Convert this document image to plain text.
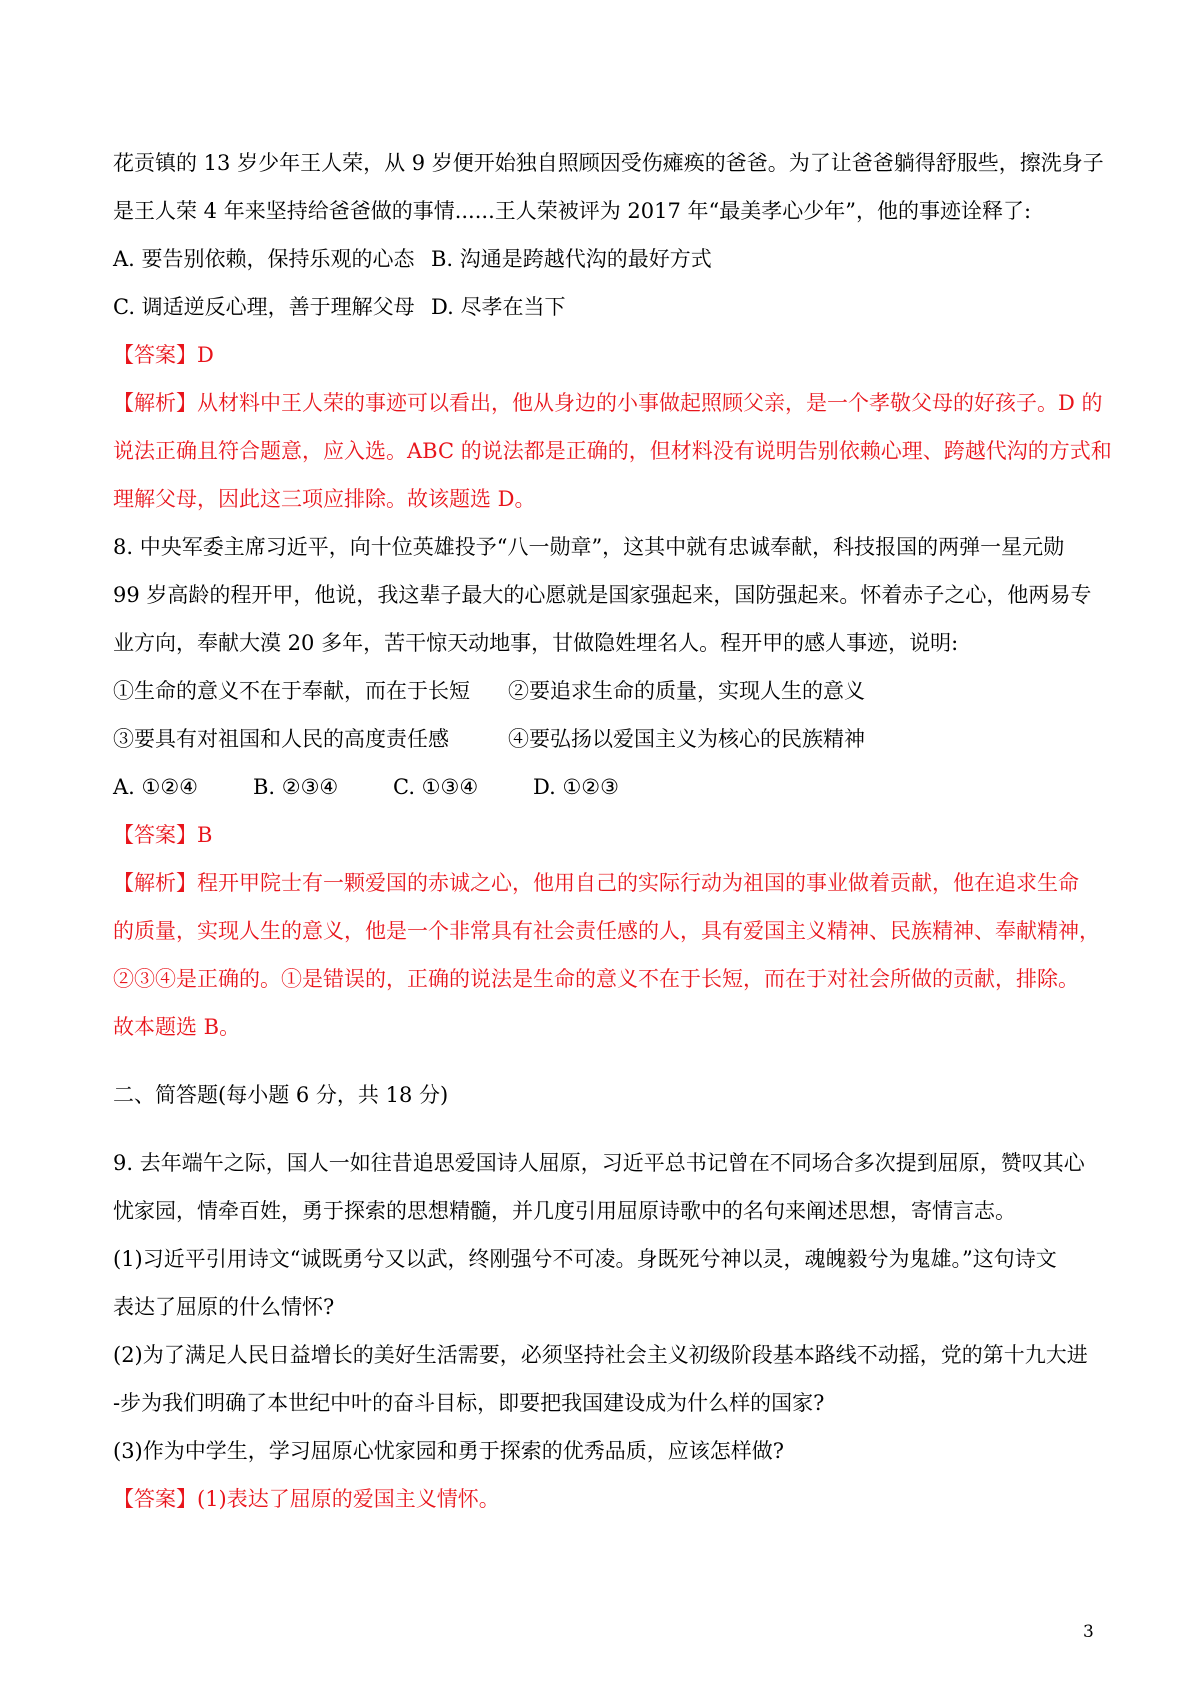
花贡镇的 13 岁少年王人荣，从 9 岁便开始独自照顾因受伤瘫痪的爸爸。为了让爸爸躺得舒服些，擦洗身子
是王人荣 4 年来坚持给爸爸做的事情......王人荣被评为 2017 年“最美孝心少年”，他的事迹诠释了:
A. 要告别依赖，保持乐观的心态 B. 沟通是跨越代沟的最好方式
C. 调适逆反心理，善于理解父母 D. 尽孝在当下
【答案】D
【解析】从材料中王人荣的事迹可以看出，他从身边的小事做起照顾父亲，是一个孝敬父母的好孩子。D 的
说法正确且符合题意，应入选。ABC 的说法都是正确的，但材料没有说明告别依赖心理、跨越代沟的方式和
理解父母，因此这三项应排除。故该题选 D。
8. 中央军委主席习近平，向十位英雄投予“八一勋章”，这其中就有忠诚奉献，科技报国的两弹一星元勋
99 岁高龄的程开甲，他说，我这辈子最大的心愿就是国家强起来，国防强起来。怀着赤子之心，他两易专
业方向，奉献大漠 20 多年，苦干惊天动地事，甘做隐姓埋名人。程开甲的感人事迹，说明:
①生命的意义不在于奉献，而在于长短	②要追求生命的质量，实现人生的意义
③要具有对祖国和人民的高度责任感	④要弘扬以爱国主义为核心的民族精神
A. ①②④	B. ②③④	C. ①③④	D. ①②③
【答案】B
【解析】程开甲院士有一颗爱国的赤诚之心，他用自己的实际行动为祖国的事业做着贡献，他在追求生命
的质量，实现人生的意义，他是一个非常具有社会责任感的人，具有爱国主义精神、民族精神、奉献精神，
②③④是正确的。①是错误的，正确的说法是生命的意义不在于长短，而在于对社会所做的贡献，排除。
故本题选 B。
二、简答题(每小题 6 分，共 18 分)
9. 去年端午之际，国人一如往昔追思爱国诗人屈原，习近平总书记曾在不同场合多次提到屈原，赞叹其心
忧家园，情牵百姓，勇于探索的思想精髓，并几度引用屈原诗歌中的名句来阐述思想，寄情言志。
(1)习近平引用诗文“诚既勇兮又以武，终刚强兮不可凌。身既死兮神以灵，魂魄毅兮为鬼雄。”这句诗文
表达了屈原的什么情怀?
(2)为了满足人民日益增长的美好生活需要，必须坚持社会主义初级阶段基本路线不动摇，党的第十九大进
-步为我们明确了本世纪中叶的奋斗目标，即要把我国建设成为什么样的国家?
(3)作为中学生，学习屈原心忧家园和勇于探索的优秀品质，应该怎样做?
【答案】(1)表达了屈原的爱国主义情怀。
3
